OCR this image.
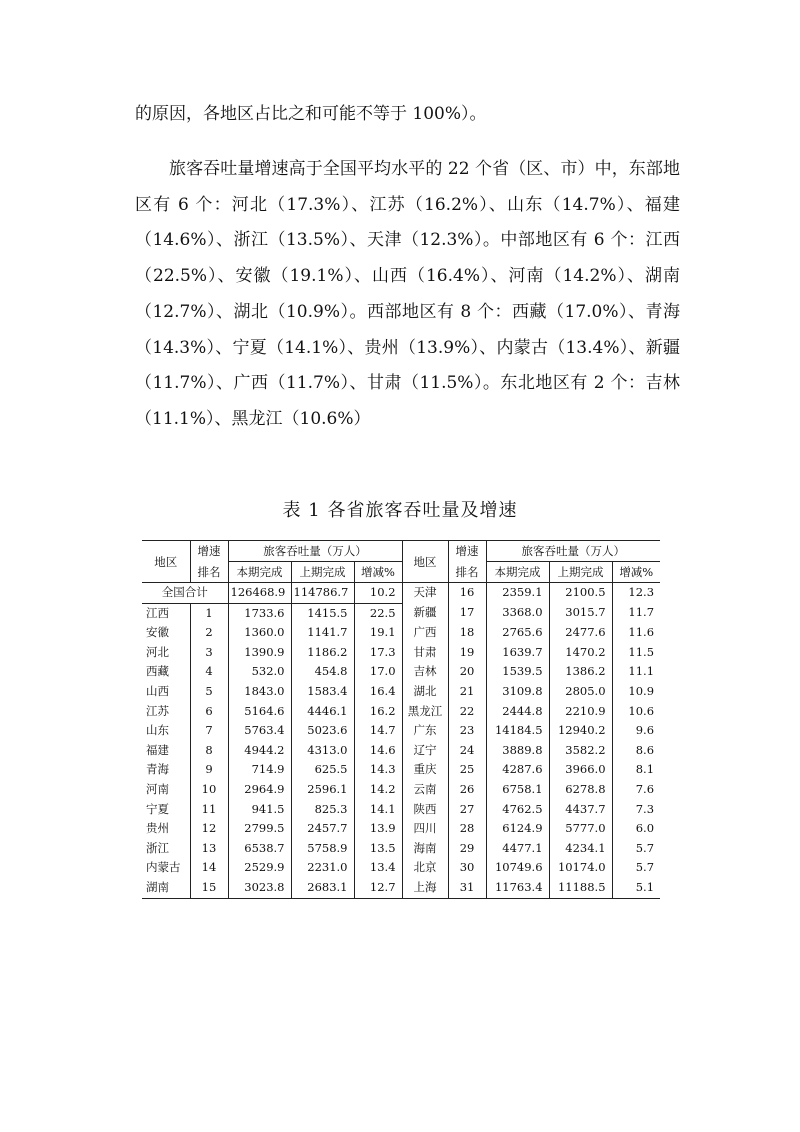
的原因，各地区占比之和可能不等于 100%）。

旅客吞吐量增速高于全国平均水平的 22 个省（区、市）中，东部地区有 6 个：河北（17.3%）、江苏（16.2%）、山东（14.7%）、福建（14.6%）、浙江（13.5%）、天津（12.3%）。中部地区有 6 个：江西（22.5%）、安徽（19.1%）、山西（16.4%）、河南（14.2%）、湖南（12.7%）、湖北（10.9%）。西部地区有 8 个：西藏（17.0%）、青海（14.3%）、宁夏（14.1%）、贵州（13.9%）、内蒙古（13.4%）、新疆（11.7%）、广西（11.7%）、甘肃（11.5%）。东北地区有 2 个：吉林（11.1%）、黑龙江（10.6%）

表 1 各省旅客吞吐量及增速
地区	增速	旅客吞吐量（万人）			地区	增速	旅客吞吐量（万人）		
	排名	本期完成	上期完成	增减%		排名	本期完成	上期完成	增减%
全国合计		126468.9	114786.7	10.2	天津	16	2359.1	2100.5	12.3
江西	1	1733.6	1415.5	22.5	新疆	17	3368.0	3015.7	11.7
安徽	2	1360.0	1141.7	19.1	广西	18	2765.6	2477.6	11.6
河北	3	1390.9	1186.2	17.3	甘肃	19	1639.7	1470.2	11.5
西藏	4	532.0	454.8	17.0	吉林	20	1539.5	1386.2	11.1
山西	5	1843.0	1583.4	16.4	湖北	21	3109.8	2805.0	10.9
江苏	6	5164.6	4446.1	16.2	黑龙江	22	2444.8	2210.9	10.6
山东	7	5763.4	5023.6	14.7	广东	23	14184.5	12940.2	9.6
福建	8	4944.2	4313.0	14.6	辽宁	24	3889.8	3582.2	8.6
青海	9	714.9	625.5	14.3	重庆	25	4287.6	3966.0	8.1
河南	10	2964.9	2596.1	14.2	云南	26	6758.1	6278.8	7.6
宁夏	11	941.5	825.3	14.1	陕西	27	4762.5	4437.7	7.3
贵州	12	2799.5	2457.7	13.9	四川	28	6124.9	5777.0	6.0
浙江	13	6538.7	5758.9	13.5	海南	29	4477.1	4234.1	5.7
内蒙古	14	2529.9	2231.0	13.4	北京	30	10749.6	10174.0	5.7
湖南	15	3023.8	2683.1	12.7	上海	31	11763.4	11188.5	5.1
